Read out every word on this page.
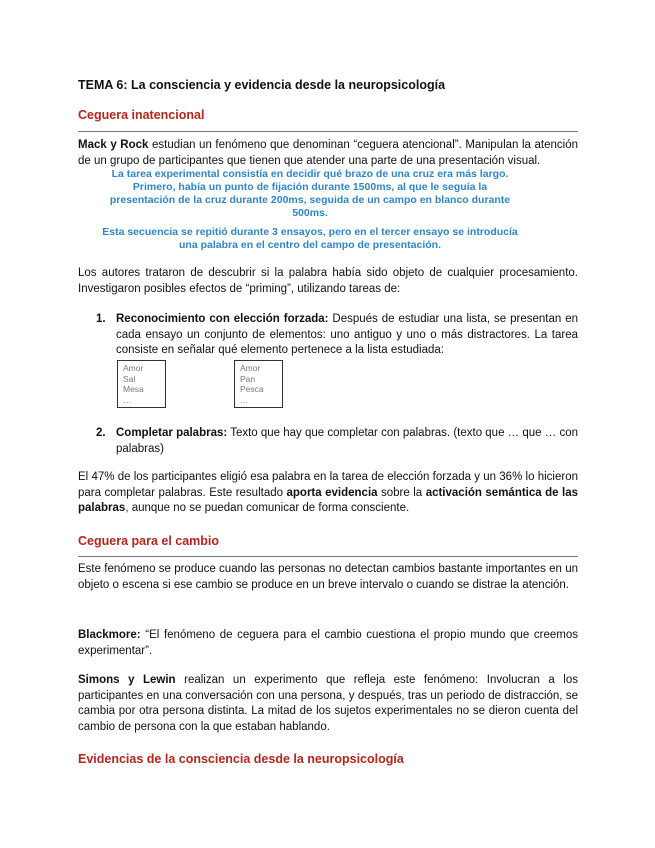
TEMA 6: La consciencia y evidencia desde la neuropsicología
Ceguera inatencional
Mack y Rock estudian un fenómeno que denominan “ceguera atencional”. Manipulan la atención de un grupo de participantes que tienen que atender una parte de una presentación visual.

La tarea experimental consistía en decidir qué brazo de una cruz era más largo. Primero, había un punto de fijación durante 1500ms, al que le seguía la presentación de la cruz durante 200ms, seguida de un campo en blanco durante 500ms.

Esta secuencia se repitió durante 3 ensayos, pero en el tercer ensayo se introducía una palabra en el centro del campo de presentación.

Los autores trataron de descubrir si la palabra había sido objeto de cualquier procesamiento. Investigaron posibles efectos de “priming”, utilizando tareas de:
1. Reconocimiento con elección forzada: Después de estudiar una lista, se presentan en cada ensayo un conjunto de elementos: uno antiguo y uno o más distractores. La tarea consiste en señalar qué elemento pertenece a la lista estudiada:
Amor
Sal
Mesa
…
Amor
Pan
Pesca
…
2. Completar palabras: Texto que hay que completar con palabras. (texto que … que … con palabras)
El 47% de los participantes eligió esa palabra en la tarea de elección forzada y un 36% lo hicieron para completar palabras. Este resultado aporta evidencia sobre la activación semántica de las palabras, aunque no se puedan comunicar de forma consciente.
Ceguera para el cambio
Este fenómeno se produce cuando las personas no detectan cambios bastante importantes en un objeto o escena si ese cambio se produce en un breve intervalo o cuando se distrae la atención.
Blackmore: “El fenómeno de ceguera para el cambio cuestiona el propio mundo que creemos experimentar”.
Simons y Lewin realizan un experimento que refleja este fenómeno: Involucran a los participantes en una conversación con una persona, y después, tras un periodo de distracción, se cambia por otra persona distinta. La mitad de los sujetos experimentales no se dieron cuenta del cambio de persona con la que estaban hablando.
Evidencias de la consciencia desde la neuropsicología
